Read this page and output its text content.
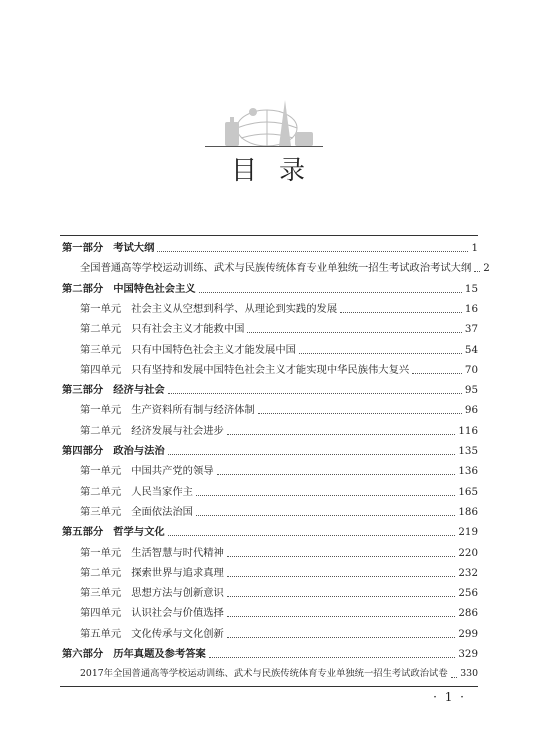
目录
第一部分 考试大纲	1
全国普通高等学校运动训练、武术与民族传统体育专业单独统一招生考试政治考试大纲 2
第二部分 中国特色社会主义	15
第一单元 社会主义从空想到科学、从理论到实践的发展	16
第二单元 只有社会主义才能救中国	37
第三单元 只有中国特色社会主义才能发展中国	54
第四单元 只有坚持和发展中国特色社会主义才能实现中华民族伟大复兴	70
第三部分 经济与社会	95
第一单元 生产资料所有制与经济体制	96
第二单元 经济发展与社会进步	116
第四部分 政治与法治	135
第一单元 中国共产党的领导	136
第二单元 人民当家作主	165
第三单元 全面依法治国	186
第五部分 哲学与文化	219
第一单元 生活智慧与时代精神	220
第二单元 探索世界与追求真理	232
第三单元 思想方法与创新意识	256
第四单元 认识社会与价值选择	286
第五单元 文化传承与文化创新	299
第六部分 历年真题及参考答案	329
2017年全国普通高等学校运动训练、武术与民族传统体育专业单独统一招生考试政治试卷 330
· 1 ·
